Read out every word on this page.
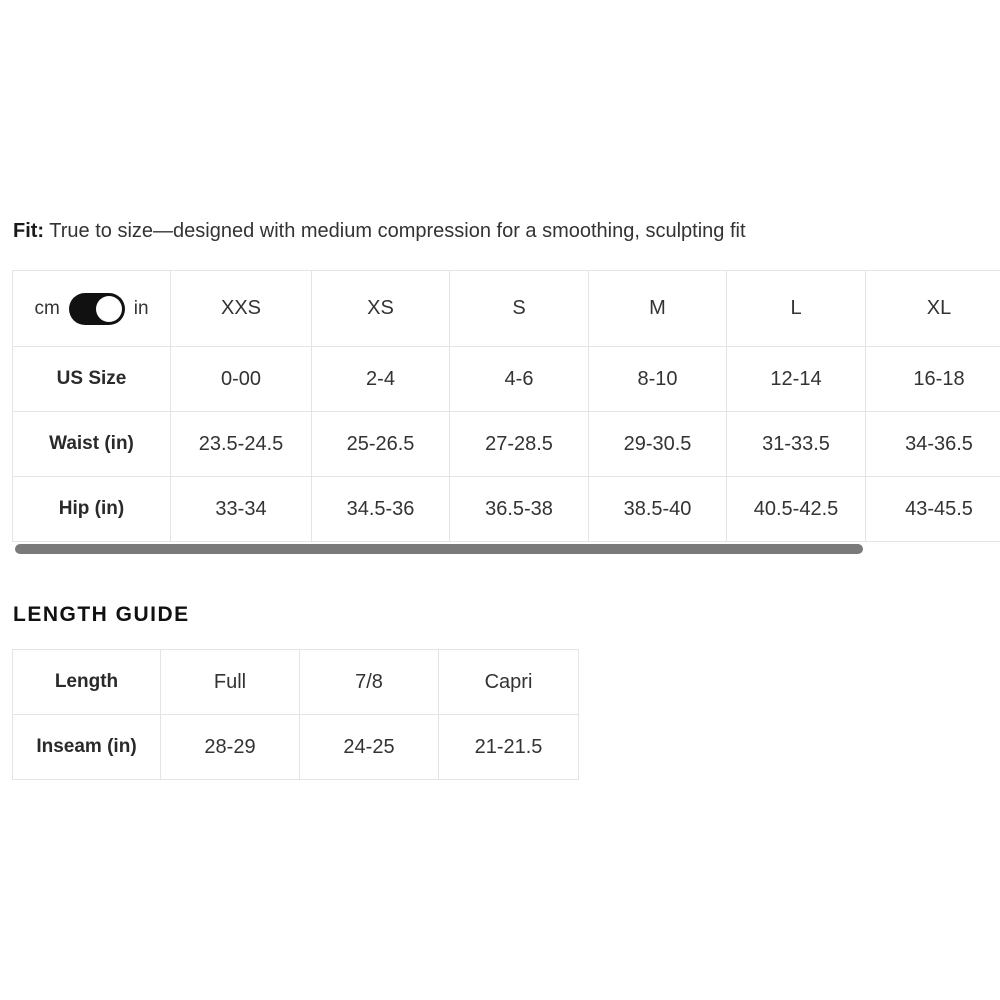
Fit: True to size—designed with medium compression for a smoothing, sculpting fit
cm in	XXS	XS	S	M	L	XL
US Size	0-00	2-4	4-6	8-10	12-14	16-18
Waist (in)	23.5-24.5	25-26.5	27-28.5	29-30.5	31-33.5	34-36.5
Hip (in)	33-34	34.5-36	36.5-38	38.5-40	40.5-42.5	43-45.5
LENGTH GUIDE
Length	Full	7/8	Capri
Inseam (in)	28-29	24-25	21-21.5
